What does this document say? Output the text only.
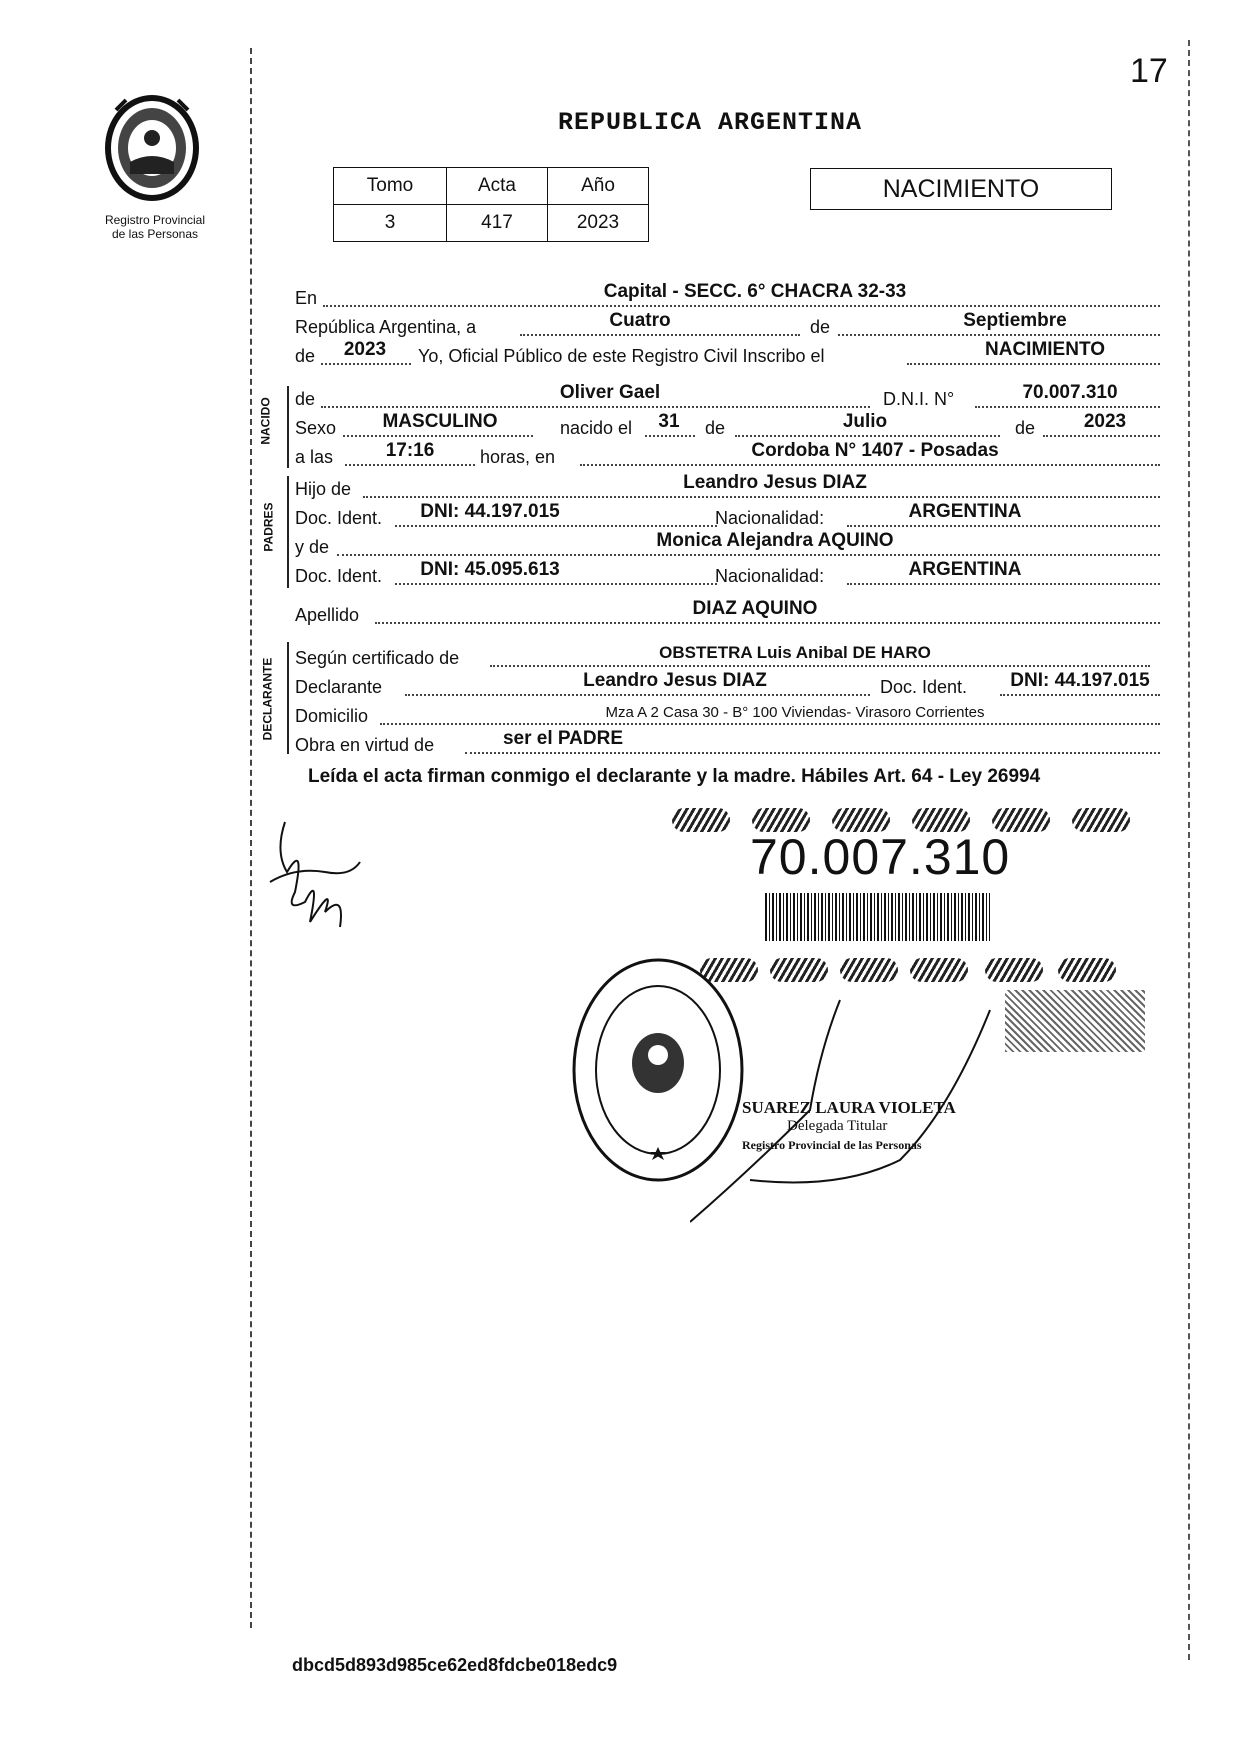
17
Registro Provincial
de las Personas
REPUBLICA ARGENTINA
Tomo	Acta	Año
3	417	2023
NACIMIENTO
En	Capital - SECC. 6° CHACRA 32-33
República Argentina, a	Cuatro	de	Septiembre
de	2023	Yo, Oficial Público de este Registro Civil Inscribo el	NACIMIENTO
NACIDO de	Oliver Gael	D.N.I. N°	70.007.310
Sexo	MASCULINO	nacido el	31	de	Julio	de	2023
a las	17:16	horas, en	Cordoba N° 1407 - Posadas
PADRES
Hijo de	Leandro Jesus DIAZ
Doc. Ident.	DNI: 44.197.015	Nacionalidad:	ARGENTINA
y de	Monica Alejandra AQUINO
Doc. Ident.	DNI: 45.095.613	Nacionalidad:	ARGENTINA
Apellido	DIAZ AQUINO
DECLARANTE Según certificado de	OBSTETRA Luis Anibal DE HARO
Declarante	Leandro Jesus DIAZ	Doc. Ident.	DNI: 44.197.015
Domicilio	Mza A 2 Casa 30 - B° 100 Viviendas- Virasoro Corrientes
Obra en virtud de	ser el PADRE
Leída el acta firman conmigo el declarante y la madre. Hábiles Art. 64 - Ley 26994
70.007.310
SUAREZ LAURA VIOLETA
Delegada Titular
Registro Provincial de las Personas
dbcd5d893d985ce62ed8fdcbe018edc9
